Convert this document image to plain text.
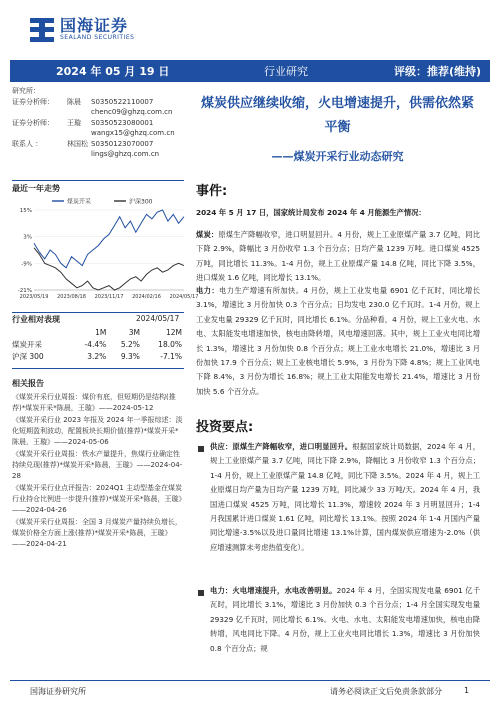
国海证券
SEALAND SECURITIES
2024 年 05 月 19 日	行业研究	评级：推荐(维持)
研究所：
证券分析师：	陈晨	S0350522110007
chenc09@ghzq.com.cn
证券分析师：	王璇	S0350523080001
wangx15@ghzq.com.cn
联系人 ：	林国松 S0350123070007
lings@ghzq.com.cn
煤炭供应继续收缩，火电增速提升，供需依然紧
平衡
——煤炭开采行业动态研究
最近一年走势
煤炭开采	沪深300
15%
3%
-9%
-21%
2023/05/19 2023/08/18 2023/11/17 2024/02/16 2024/05/17
行业相对表现	2024/05/17
	1M	3M	12M
煤炭开采	-4.4%	5.2%	18.0%
沪深 300	3.2%	9.3%	-7.1%
相关报告
《煤炭开采行业周报：煤价有底，但短期仍是结构(推荐)*煤炭开采*陈晨，王璇》——2024-05-12
《煤炭开采行业 2023 年报及 2024 年一季报综述：淡化短期盈利波动，配置板块长期价值(推荐)*煤炭开采*陈晨，王璇》——2024-05-06
《煤炭开采行业周报：铁水产量提升，焦煤行业确定性持续兑现(推荐)*煤炭开采*陈晨，王璇》——2024-04-28
《煤炭开采行业点评报告：2024Q1 主动型基金在煤炭行业持仓比例进一步提升(推荐)*煤炭开采*陈晨，王璇》——2024-04-26
《煤炭开采行业周报：全国 3 月煤炭产量持续负增长，煤炭价格全方面上涨(推荐)*煤炭开采*陈晨，王璇》——2024-04-21
事件:
2024 年 5 月 17 日，国家统计局发布 2024 年 4 月能源生产情况：
煤炭：原煤生产降幅收窄，进口明显回升。4 月份，规上工业原煤产量 3.7 亿吨，同比下降 2.9%，降幅比 3 月份收窄 1.3 个百分点；日均产量 1239 万吨。进口煤炭 4525 万吨，同比增长 11.3%。1-4 月份，规上工业原煤产量 14.8 亿吨，同比下降 3.5%，进口煤炭 1.6 亿吨，同比增长 13.1%。
电力：电力生产增速有所加快。4 月份，规上工业发电量 6901 亿千瓦时，同比增长 3.1%，增速比 3 月份加快 0.3 个百分点；日均发电 230.0 亿千瓦时。1-4 月份，规上工业发电量 29329 亿千瓦时，同比增长 6.1%。分品种看，4 月份，规上工业火电、水电、太阳能发电增速加快，核电由降转增，风电增速回落。其中，规上工业火电同比增长 1.3%，增速比 3 月份加快 0.8 个百分点；规上工业水电增长 21.0%，增速比 3 月份加快 17.9 个百分点；规上工业核电增长 5.9%，3 月份为下降 4.8%；规上工业风电下降 8.4%，3 月份为增长 16.8%；规上工业太阳能发电增长 21.4%，增速比 3 月份加快 5.6 个百分点。
投资要点:
供应：原煤生产降幅收窄，进口明显回升。根据国家统计局数据，2024 年 4 月，规上工业原煤产量 3.7 亿吨，同比下降 2.9%，降幅比 3 月份收窄 1.3 个百分点；1-4 月份，规上工业原煤产量 14.8 亿吨，同比下降 3.5%。2024 年 4 月，规上工业原煤日均产量为日均产量 1239 万吨，同比减少 33 万吨/天。2024 年 4 月，我国进口煤炭 4525 万吨，同比增长 11.3%，增速较 2024 年 3 月明显回升；1-4 月我国累计进口煤炭 1.61 亿吨，同比增长 13.1%。按照 2024 年 1-4 月国内产量同比增速-3.5%以及进口量同比增速 13.1%计算，国内煤炭供应增速为-2.0%（供应增速测算未考虑热值变化）。
电力：火电增速提升，水电改善明显。2024 年 4 月，全国实现发电量 6901 亿千瓦时，同比增长 3.1%，增速比 3 月份加快 0.3 个百分点；1-4 月全国实现发电量 29329 亿千瓦时，同比增长 6.1%。火电、水电、太阳能发电增速加快，核电由降转增，风电同比下降。4 月份，规上工业火电同比增长 1.3%，增速比 3 月份加快 0.8 个百分点；规
国海证券研究所	请务必阅读正文后免责条款部分	1
